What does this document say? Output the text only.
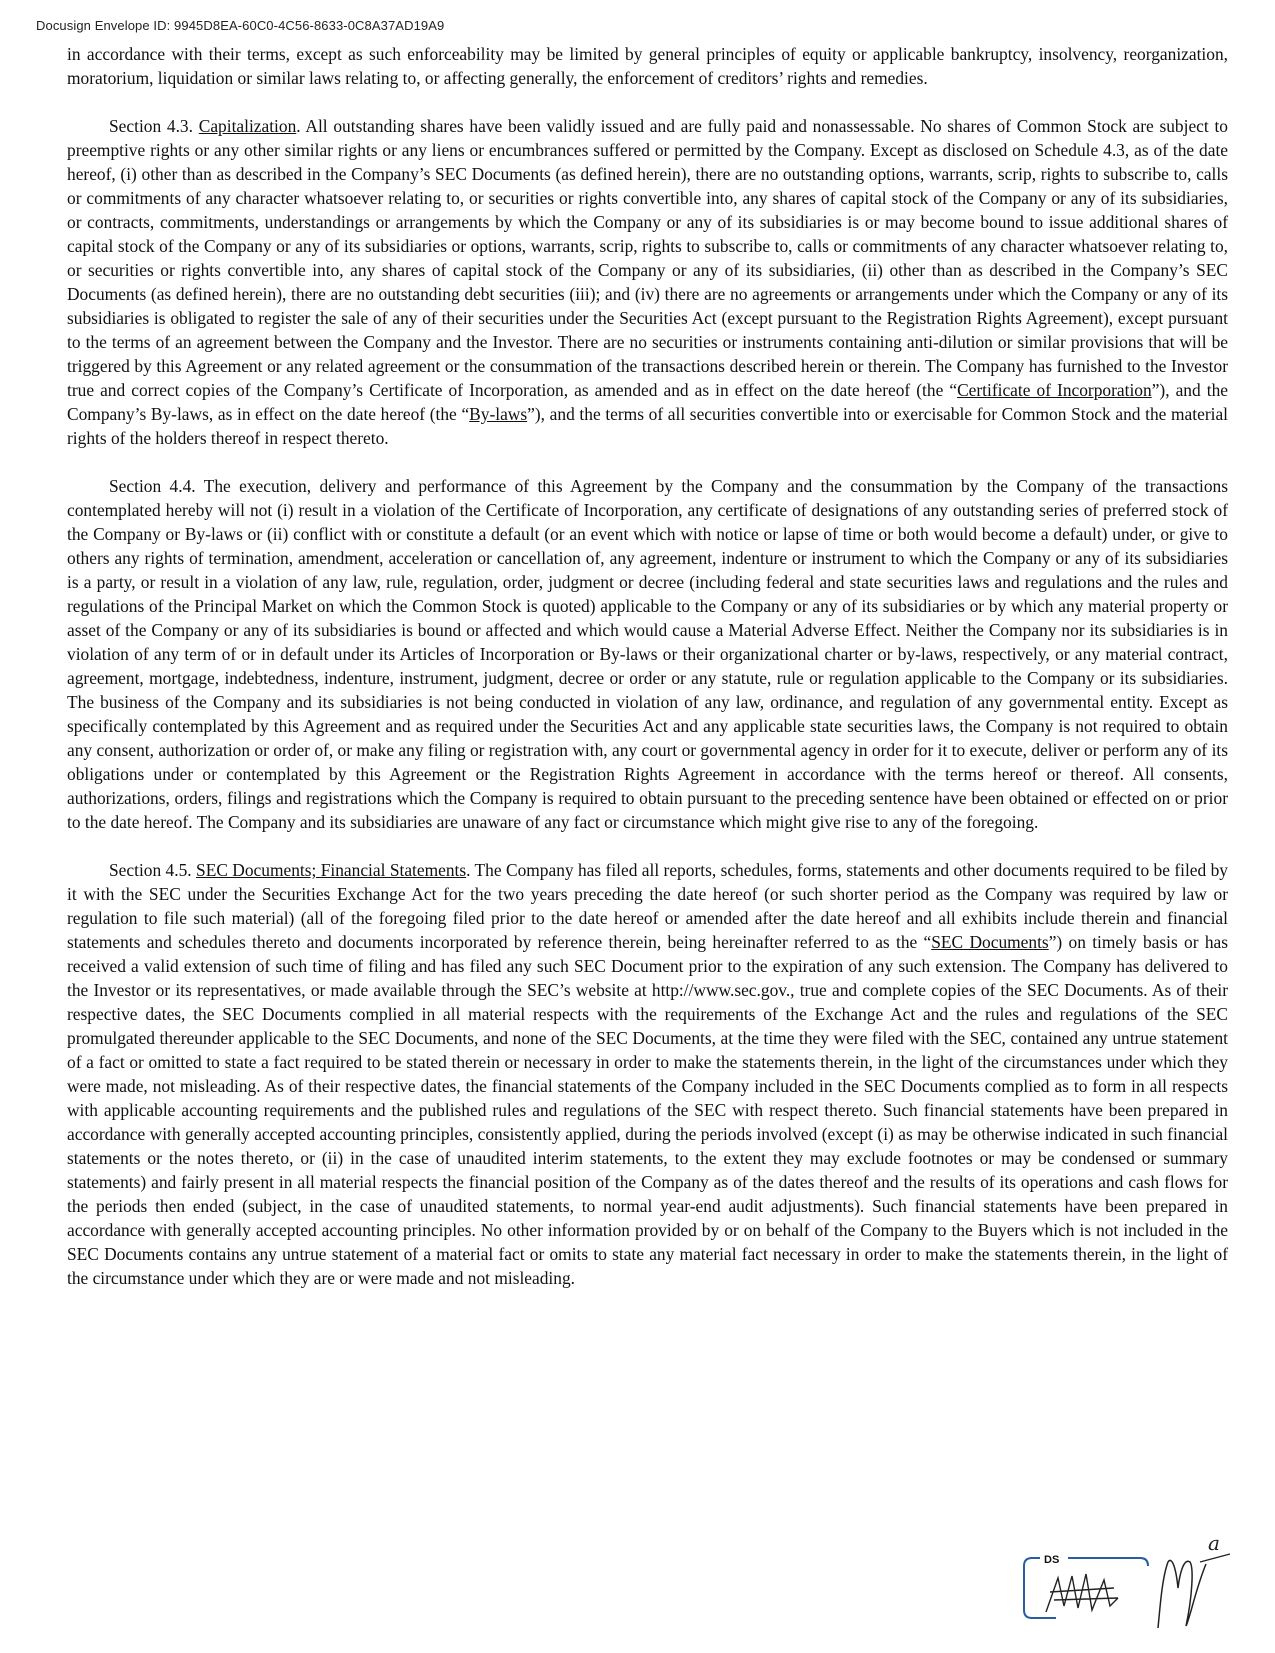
Docusign Envelope ID: 9945D8EA-60C0-4C56-8633-0C8A37AD19A9

in accordance with their terms, except as such enforceability may be limited by general principles of equity or applicable bankruptcy, insolvency, reorganization, moratorium, liquidation or similar laws relating to, or affecting generally, the enforcement of creditors’ rights and remedies.

Section 4.3. Capitalization. All outstanding shares have been validly issued and are fully paid and nonassessable. No shares of Common Stock are subject to preemptive rights or any other similar rights or any liens or encumbrances suffered or permitted by the Company. Except as disclosed on Schedule 4.3, as of the date hereof, (i) other than as described in the Company’s SEC Documents (as defined herein), there are no outstanding options, warrants, scrip, rights to subscribe to, calls or commitments of any character whatsoever relating to, or securities or rights convertible into, any shares of capital stock of the Company or any of its subsidiaries, or contracts, commitments, understandings or arrangements by which the Company or any of its subsidiaries is or may become bound to issue additional shares of capital stock of the Company or any of its subsidiaries or options, warrants, scrip, rights to subscribe to, calls or commitments of any character whatsoever relating to, or securities or rights convertible into, any shares of capital stock of the Company or any of its subsidiaries, (ii) other than as described in the Company’s SEC Documents (as defined herein), there are no outstanding debt securities (iii); and (iv) there are no agreements or arrangements under which the Company or any of its subsidiaries is obligated to register the sale of any of their securities under the Securities Act (except pursuant to the Registration Rights Agreement), except pursuant to the terms of an agreement between the Company and the Investor. There are no securities or instruments containing anti-dilution or similar provisions that will be triggered by this Agreement or any related agreement or the consummation of the transactions described herein or therein. The Company has furnished to the Investor true and correct copies of the Company’s Certificate of Incorporation, as amended and as in effect on the date hereof (the “Certificate of Incorporation”), and the Company’s By-laws, as in effect on the date hereof (the “By-laws”), and the terms of all securities convertible into or exercisable for Common Stock and the material rights of the holders thereof in respect thereto.

Section 4.4. The execution, delivery and performance of this Agreement by the Company and the consummation by the Company of the transactions contemplated hereby will not (i) result in a violation of the Certificate of Incorporation, any certificate of designations of any outstanding series of preferred stock of the Company or By-laws or (ii) conflict with or constitute a default (or an event which with notice or lapse of time or both would become a default) under, or give to others any rights of termination, amendment, acceleration or cancellation of, any agreement, indenture or instrument to which the Company or any of its subsidiaries is a party, or result in a violation of any law, rule, regulation, order, judgment or decree (including federal and state securities laws and regulations and the rules and regulations of the Principal Market on which the Common Stock is quoted) applicable to the Company or any of its subsidiaries or by which any material property or asset of the Company or any of its subsidiaries is bound or affected and which would cause a Material Adverse Effect. Neither the Company nor its subsidiaries is in violation of any term of or in default under its Articles of Incorporation or By-laws or their organizational charter or by-laws, respectively, or any material contract, agreement, mortgage, indebtedness, indenture, instrument, judgment, decree or order or any statute, rule or regulation applicable to the Company or its subsidiaries. The business of the Company and its subsidiaries is not being conducted in violation of any law, ordinance, and regulation of any governmental entity. Except as specifically contemplated by this Agreement and as required under the Securities Act and any applicable state securities laws, the Company is not required to obtain any consent, authorization or order of, or make any filing or registration with, any court or governmental agency in order for it to execute, deliver or perform any of its obligations under or contemplated by this Agreement or the Registration Rights Agreement in accordance with the terms hereof or thereof. All consents, authorizations, orders, filings and registrations which the Company is required to obtain pursuant to the preceding sentence have been obtained or effected on or prior to the date hereof. The Company and its subsidiaries are unaware of any fact or circumstance which might give rise to any of the foregoing.

Section 4.5. SEC Documents; Financial Statements. The Company has filed all reports, schedules, forms, statements and other documents required to be filed by it with the SEC under the Securities Exchange Act for the two years preceding the date hereof (or such shorter period as the Company was required by law or regulation to file such material) (all of the foregoing filed prior to the date hereof or amended after the date hereof and all exhibits include therein and financial statements and schedules thereto and documents incorporated by reference therein, being hereinafter referred to as the “SEC Documents”) on timely basis or has received a valid extension of such time of filing and has filed any such SEC Document prior to the expiration of any such extension. The Company has delivered to the Investor or its representatives, or made available through the SEC’s website at http://www.sec.gov., true and complete copies of the SEC Documents. As of their respective dates, the SEC Documents complied in all material respects with the requirements of the Exchange Act and the rules and regulations of the SEC promulgated thereunder applicable to the SEC Documents, and none of the SEC Documents, at the time they were filed with the SEC, contained any untrue statement of a fact or omitted to state a fact required to be stated therein or necessary in order to make the statements therein, in the light of the circumstances under which they were made, not misleading. As of their respective dates, the financial statements of the Company included in the SEC Documents complied as to form in all respects with applicable accounting requirements and the published rules and regulations of the SEC with respect thereto. Such financial statements have been prepared in accordance with generally accepted accounting principles, consistently applied, during the periods involved (except (i) as may be otherwise indicated in such financial statements or the notes thereto, or (ii) in the case of unaudited interim statements, to the extent they may exclude footnotes or may be condensed or summary statements) and fairly present in all material respects the financial position of the Company as of the dates thereof and the results of its operations and cash flows for the periods then ended (subject, in the case of unaudited statements, to normal year-end audit adjustments). Such financial statements have been prepared in accordance with generally accepted accounting principles. No other information provided by or on behalf of the Company to the Buyers which is not included in the SEC Documents contains any untrue statement of a material fact or omits to state any material fact necessary in order to make the statements therein, in the light of the circumstance under which they are or were made and not misleading.

DS
a
